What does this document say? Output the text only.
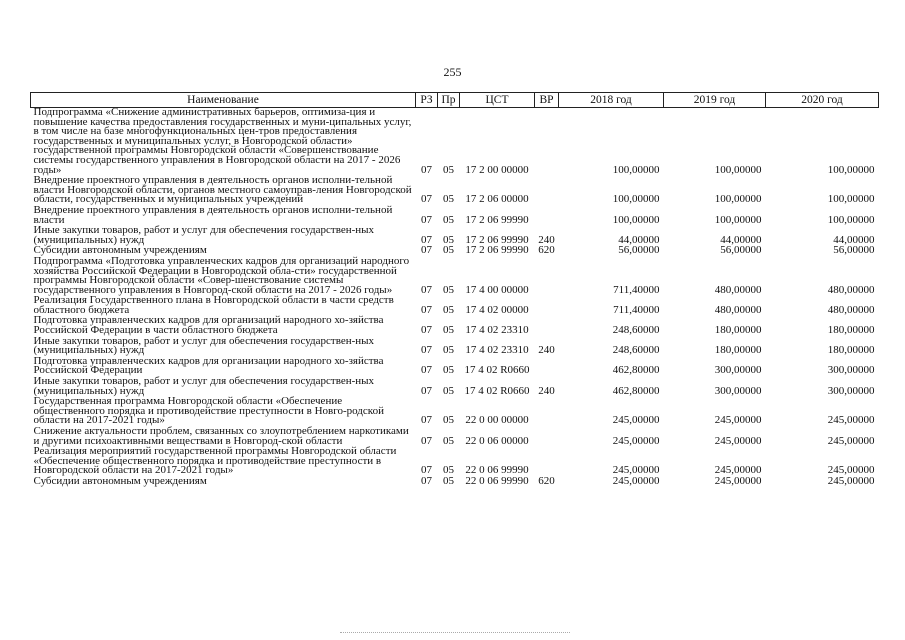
255
Наименование	РЗ	Пр	ЦСТ	ВР	2018 год	2019 год	2020 год
Подпрограмма «Снижение административных барьеров, оптимиза-ция и повышение качества предоставления государственных и муни-ципальных услуг, в том числе на базе многофункциональных цен-тров предоставления государственных и муниципальных услуг, в Новгородской области» государственной программы Новгородской области «Совершенствование системы государственного управления в Новгородской области на 2017 - 2026 годы»	07	05	17 2 00 00000		100,00000	100,00000	100,00000
Внедрение проектного управления в деятельность органов исполни-тельной власти Новгородской области, органов местного самоуправ-ления Новгородской области, государственных и муниципальных учреждений	07	05	17 2 06 00000		100,00000	100,00000	100,00000
Внедрение проектного управления в деятельность органов исполни-тельной власти	07	05	17 2 06 99990		100,00000	100,00000	100,00000
Иные закупки товаров, работ и услуг для обеспечения государствен-ных (муниципальных) нужд	07	05	17 2 06 99990	240	44,00000	44,00000	44,00000
Субсидии автономным учреждениям	07	05	17 2 06 99990	620	56,00000	56,00000	56,00000
Подпрограмма «Подготовка управленческих кадров для организаций народного хозяйства Российской Федерации в Новгородской обла-сти» государственной программы Новгородской области «Совер-шенствование системы государственного управления в Новгород-ской области на 2017 - 2026 годы»	07	05	17 4 00 00000		711,40000	480,00000	480,00000
Реализация Государственного плана в Новгородской области в части средств областного бюджета	07	05	17 4 02 00000		711,40000	480,00000	480,00000
Подготовка управленческих кадров для организаций народного хо-зяйства Российской Федерации в части областного бюджета	07	05	17 4 02 23310		248,60000	180,00000	180,00000
Иные закупки товаров, работ и услуг для обеспечения государствен-ных (муниципальных) нужд	07	05	17 4 02 23310	240	248,60000	180,00000	180,00000
Подготовка управленческих кадров для организации народного хо-зяйства Российской Федерации	07	05	17 4 02 R0660		462,80000	300,00000	300,00000
Иные закупки товаров, работ и услуг для обеспечения государствен-ных (муниципальных) нужд	07	05	17 4 02 R0660	240	462,80000	300,00000	300,00000
Государственная программа Новгородской области «Обеспечение общественного порядка и противодействие преступности в Новго-родской области на 2017-2021 годы»	07	05	22 0 00 00000		245,00000	245,00000	245,00000
Снижение актуальности проблем, связанных со злоупотреблением наркотиками и другими психоактивными веществами в Новгород-ской области	07	05	22 0 06 00000		245,00000	245,00000	245,00000
Реализация мероприятий государственной программы Новгородской области «Обеспечение общественного порядка и противодействие преступности в Новгородской области на 2017-2021 годы»	07	05	22 0 06 99990		245,00000	245,00000	245,00000
Субсидии автономным учреждениям	07	05	22 0 06 99990	620	245,00000	245,00000	245,00000
